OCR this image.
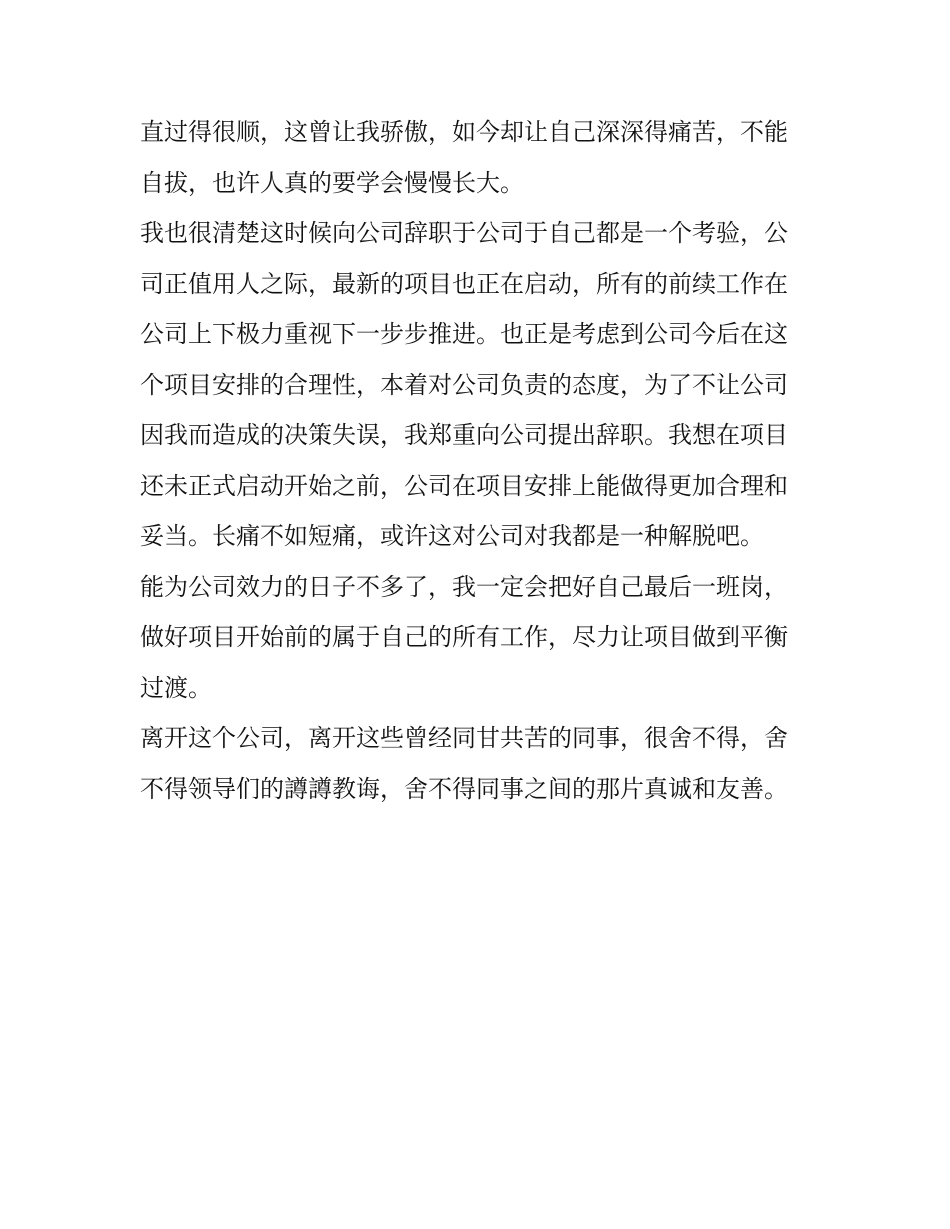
直过得很顺，这曾让我骄傲，如今却让自己深深得痛苦，不能
自拔，也许人真的要学会慢慢长大。
我也很清楚这时候向公司辞职于公司于自己都是一个考验，公
司正值用人之际，最新的项目也正在启动，所有的前续工作在
公司上下极力重视下一步步推进。也正是考虑到公司今后在这
个项目安排的合理性，本着对公司负责的态度，为了不让公司
因我而造成的决策失误，我郑重向公司提出辞职。我想在项目
还未正式启动开始之前，公司在项目安排上能做得更加合理和
妥当。长痛不如短痛，或许这对公司对我都是一种解脱吧。
能为公司效力的日子不多了，我一定会把好自己最后一班岗，
做好项目开始前的属于自己的所有工作，尽力让项目做到平衡
过渡。
离开这个公司，离开这些曾经同甘共苦的同事，很舍不得，舍
不得领导们的譐譐教诲，舍不得同事之间的那片真诚和友善。
